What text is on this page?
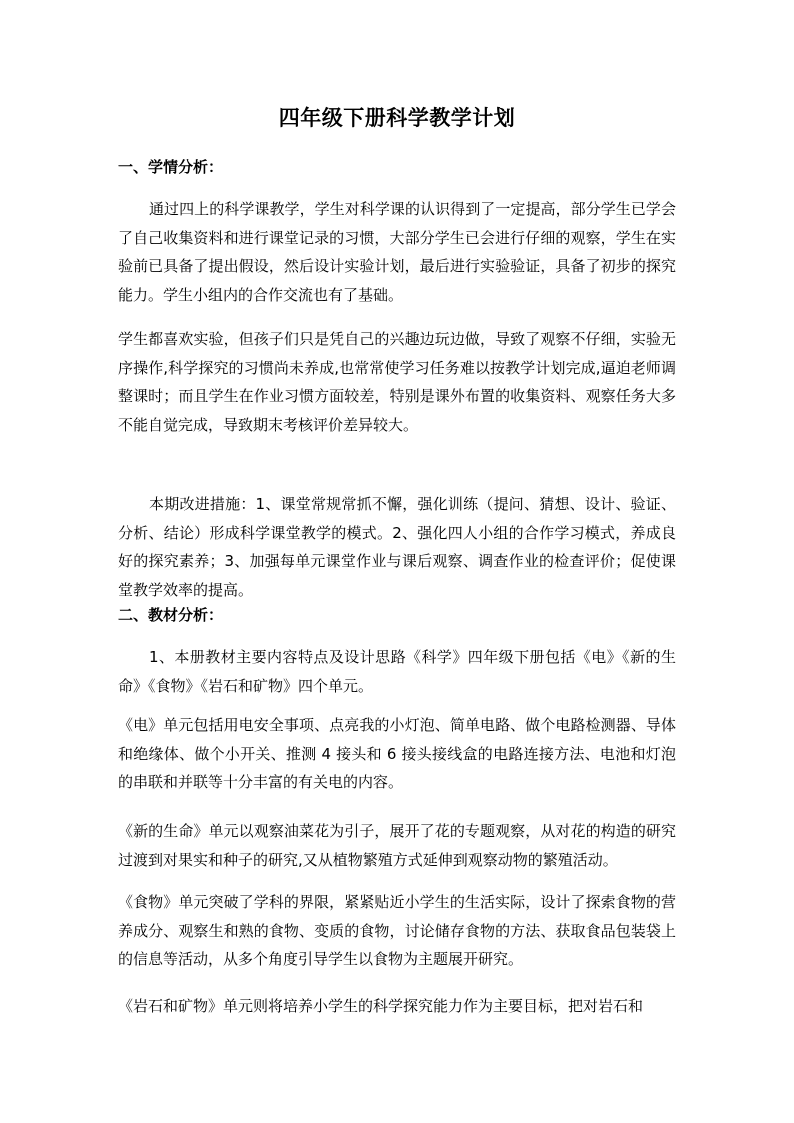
四年级下册科学教学计划
一、学情分析：

通过四上的科学课教学，学生对科学课的认识得到了一定提高，部分学生已学会了自己收集资料和进行课堂记录的习惯，大部分学生已会进行仔细的观察，学生在实验前已具备了提出假设，然后设计实验计划，最后进行实验验证，具备了初步的探究能力。学生小组内的合作交流也有了基础。

学生都喜欢实验，但孩子们只是凭自己的兴趣边玩边做，导致了观察不仔细，实验无序操作,科学探究的习惯尚未养成,也常常使学习任务难以按教学计划完成,逼迫老师调整课时；而且学生在作业习惯方面较差，特别是课外布置的收集资料、观察任务大多不能自觉完成，导致期末考核评价差异较大。

本期改进措施：1、课堂常规常抓不懈，强化训练（提问、猜想、设计、验证、分析、结论）形成科学课堂教学的模式。2、强化四人小组的合作学习模式，养成良好的探究素养；3、加强每单元课堂作业与课后观察、调查作业的检查评价；促使课堂教学效率的提高。

二、教材分析：

1、本册教材主要内容特点及设计思路《科学》四年级下册包括《电》《新的生命》《食物》《岩石和矿物》四个单元。

《电》单元包括用电安全事项、点亮我的小灯泡、简单电路、做个电路检测器、导体和绝缘体、做个小开关、推测 4 接头和 6 接头接线盒的电路连接方法、电池和灯泡的串联和并联等十分丰富的有关电的内容。

《新的生命》单元以观察油菜花为引子，展开了花的专题观察，从对花的构造的研究过渡到对果实和种子的研究,又从植物繁殖方式延伸到观察动物的繁殖活动。

《食物》单元突破了学科的界限，紧紧贴近小学生的生活实际，设计了探索食物的营养成分、观察生和熟的食物、变质的食物，讨论储存食物的方法、获取食品包装袋上的信息等活动，从多个角度引导学生以食物为主题展开研究。

《岩石和矿物》单元则将培养小学生的科学探究能力作为主要目标，把对岩石和
